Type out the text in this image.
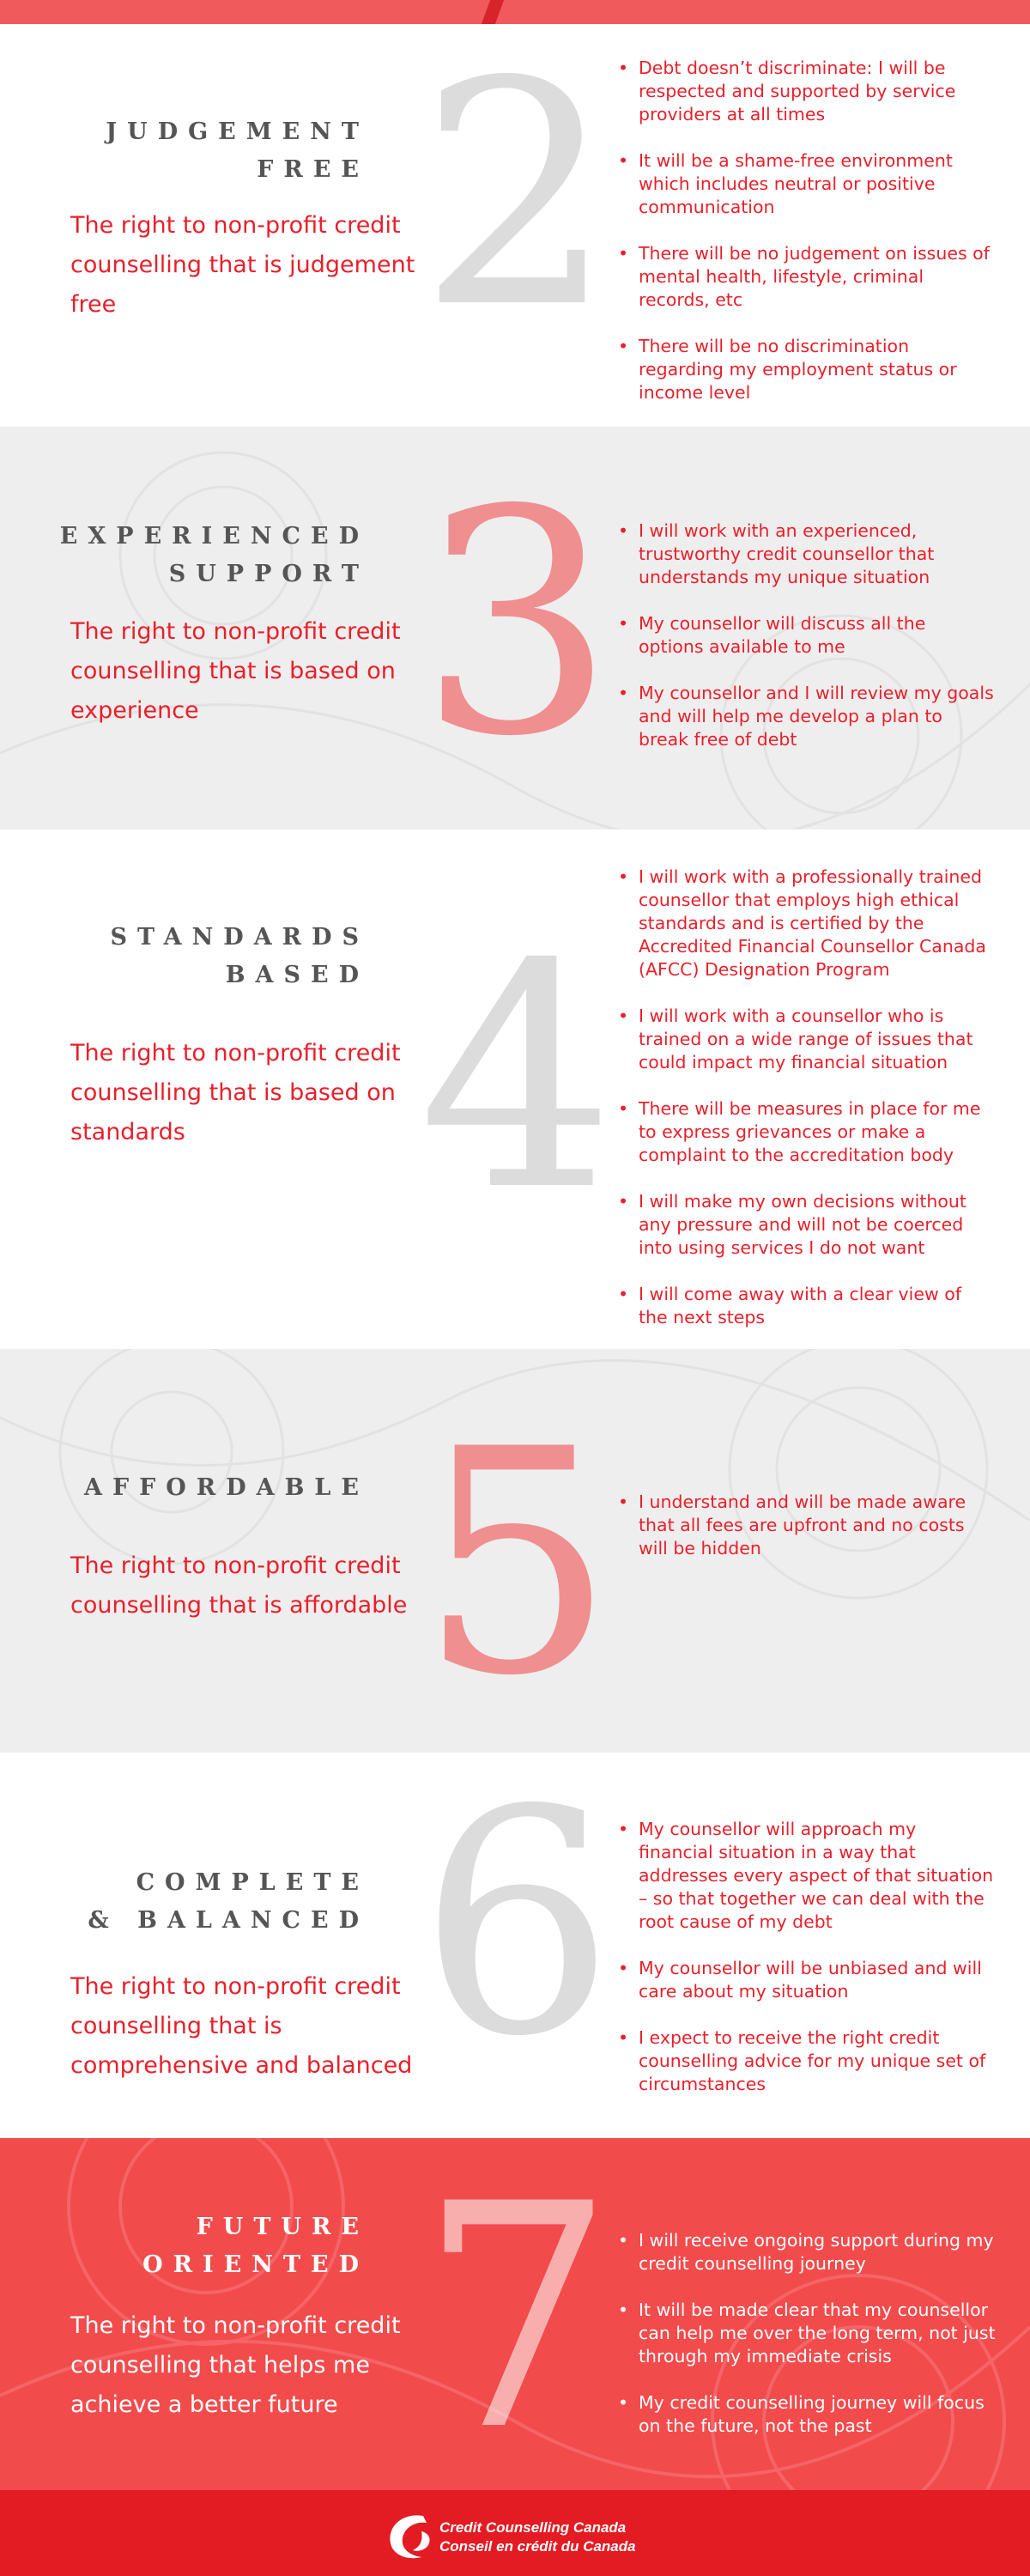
JUDGEMENT
FREE
The right to non-profit credit counselling that is judgement free 2	• Debt doesn’t discriminate: I will be respected and supported by service providers at all times
• It will be a shame-free environment which includes neutral or positive communication
• There will be no judgement on issues of mental health, lifestyle, criminal records, etc
• There will be no discrimination regarding my employment status or income level
EXPERIENCED
SUPPORT
The right to non-profit credit counselling that is based on experience 3	• I will work with an experienced, trustworthy credit counsellor that understands my unique situation
• My counsellor will discuss all the options available to me
• My counsellor and I will review my goals and will help me develop a plan to break free of debt
STANDARDS
BASED
The right to non-profit credit counselling that is based on standards 4
• I will work with a professionally trained counsellor that employs high ethical standards and is certified by the Accredited Financial Counsellor Canada (AFCC) Designation Program
• I will work with a counsellor who is trained on a wide range of issues that could impact my financial situation
• There will be measures in place for me to express grievances or make a complaint to the accreditation body
• I will make my own decisions without any pressure and will not be coerced into using services I do not want
• I will come away with a clear view of the next steps
AFFORDABLE
The right to non-profit credit counselling that is affordable 5	• I understand and will be made aware that all fees are upfront and no costs will be hidden
COMPLETE
& BALANCED
The right to non-profit credit counselling that is comprehensive and balanced 6	• My counsellor will approach my financial situation in a way that addresses every aspect of that situation – so that together we can deal with the root cause of my debt
• My counsellor will be unbiased and will care about my situation
• I expect to receive the right credit counselling advice for my unique set of circumstances
FUTURE
ORIENTED
The right to non-profit credit counselling that helps me achieve a better future 7	• I will receive ongoing support during my credit counselling journey
• It will be made clear that my counsellor can help me over the long term, not just through my immediate crisis
• My credit counselling journey will focus on the future, not the past
Credit Counselling Canada
Conseil en crédit du Canada
